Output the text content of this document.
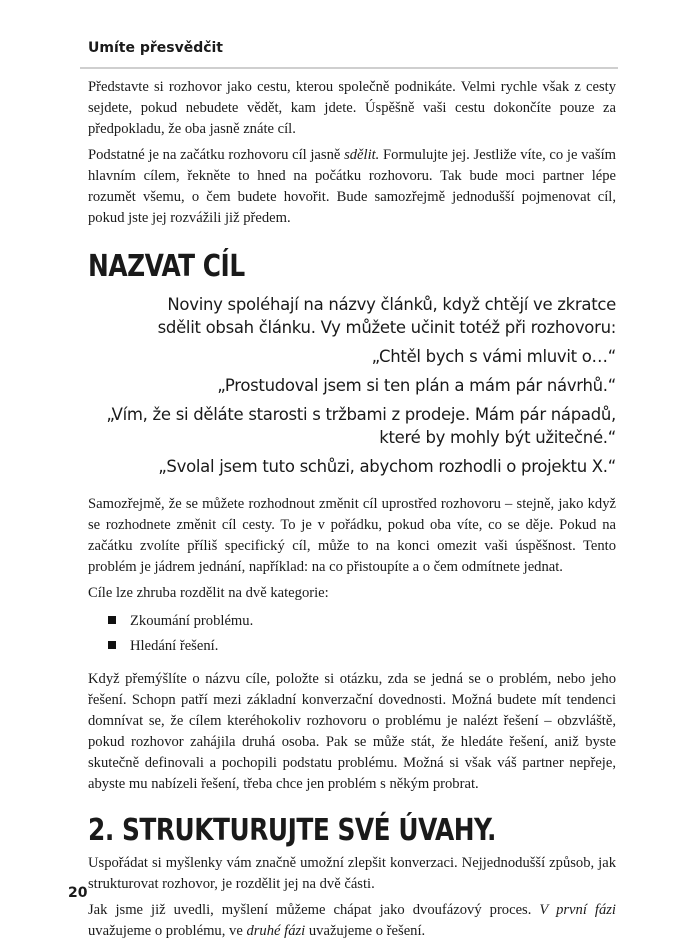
Umíte přesvědčit

Představte si rozhovor jako cestu, kterou společně podnikáte. Velmi rychle však z cesty sejdete, pokud nebudete vědět, kam jdete. Úspěšně vaši cestu dokončíte pouze za předpokladu, že oba jasně znáte cíl.

Podstatné je na začátku rozhovoru cíl jasně sdělit. Formulujte jej. Jestliže víte, co je vaším hlavním cílem, řekněte to hned na počátku rozhovoru. Tak bude moci partner lépe rozumět všemu, o čem budete hovořit. Bude samozřejmě jednodušší pojmenovat cíl, pokud jste jej rozvážili již předem.

NAZVAT CÍL
Noviny spoléhají na názvy článků, když chtějí ve zkratce sdělit obsah článku. Vy můžete učinit totéž při rozhovoru:
„Chtěl bych s vámi mluvit o…“
„Prostudoval jsem si ten plán a mám pár návrhů.“
„Vím, že si děláte starosti s tržbami z prodeje. Mám pár nápadů, které by mohly být užitečné.“
„Svolal jsem tuto schůzi, abychom rozhodli o projektu X.“

Samozřejmě, že se můžete rozhodnout změnit cíl uprostřed rozhovoru – stejně, jako když se rozhodnete změnit cíl cesty. To je v pořádku, pokud oba víte, co se děje. Pokud na začátku zvolíte příliš specifický cíl, může to na konci omezit vaši úspěšnost. Tento problém je jádrem jednání, například: na co přistoupíte a o čem odmítnete jednat.

Cíle lze zhruba rozdělit na dvě kategorie:

Zkoumání problému.
Hledání řešení.

Když přemýšlíte o názvu cíle, položte si otázku, zda se jedná se o problém, nebo jeho řešení. Schopn patří mezi základní konverzační dovednosti. Možná budete mít tendenci domnívat se, že cílem kteréhokoliv rozhovoru o problému je nalézt řešení – obzvláště, pokud rozhovor zahájila druhá osoba. Pak se může stát, že hledáte řešení, aniž byste skutečně definovali a pochopili podstatu problému. Možná si však váš partner nepřeje, abyste mu nabízeli řešení, třeba chce jen problém s někým probrat.

2. STRUKTURUJTE SVÉ ÚVAHY.

Uspořádat si myšlenky vám značně umožní zlepšit konverzaci. Nejjednodušší způsob, jak strukturovat rozhovor, je rozdělit jej na dvě části.

Jak jsme již uvedli, myšlení můžeme chápat jako dvoufázový proces. V první fázi uvažujeme o problému, ve druhé fázi uvažujeme o řešení.

20
